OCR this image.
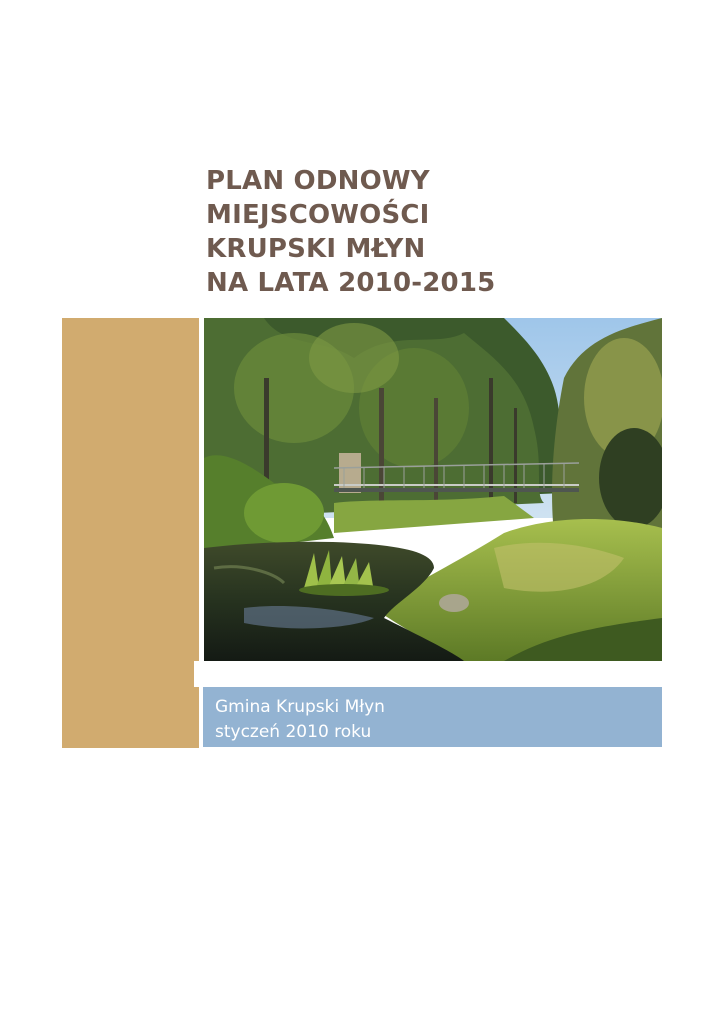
PLAN ODNOWY
MIEJSCOWOŚCI
KRUPSKI MŁYN
NA LATA 2010-2015
Gmina Krupski Młyn
styczeń 2010 roku
